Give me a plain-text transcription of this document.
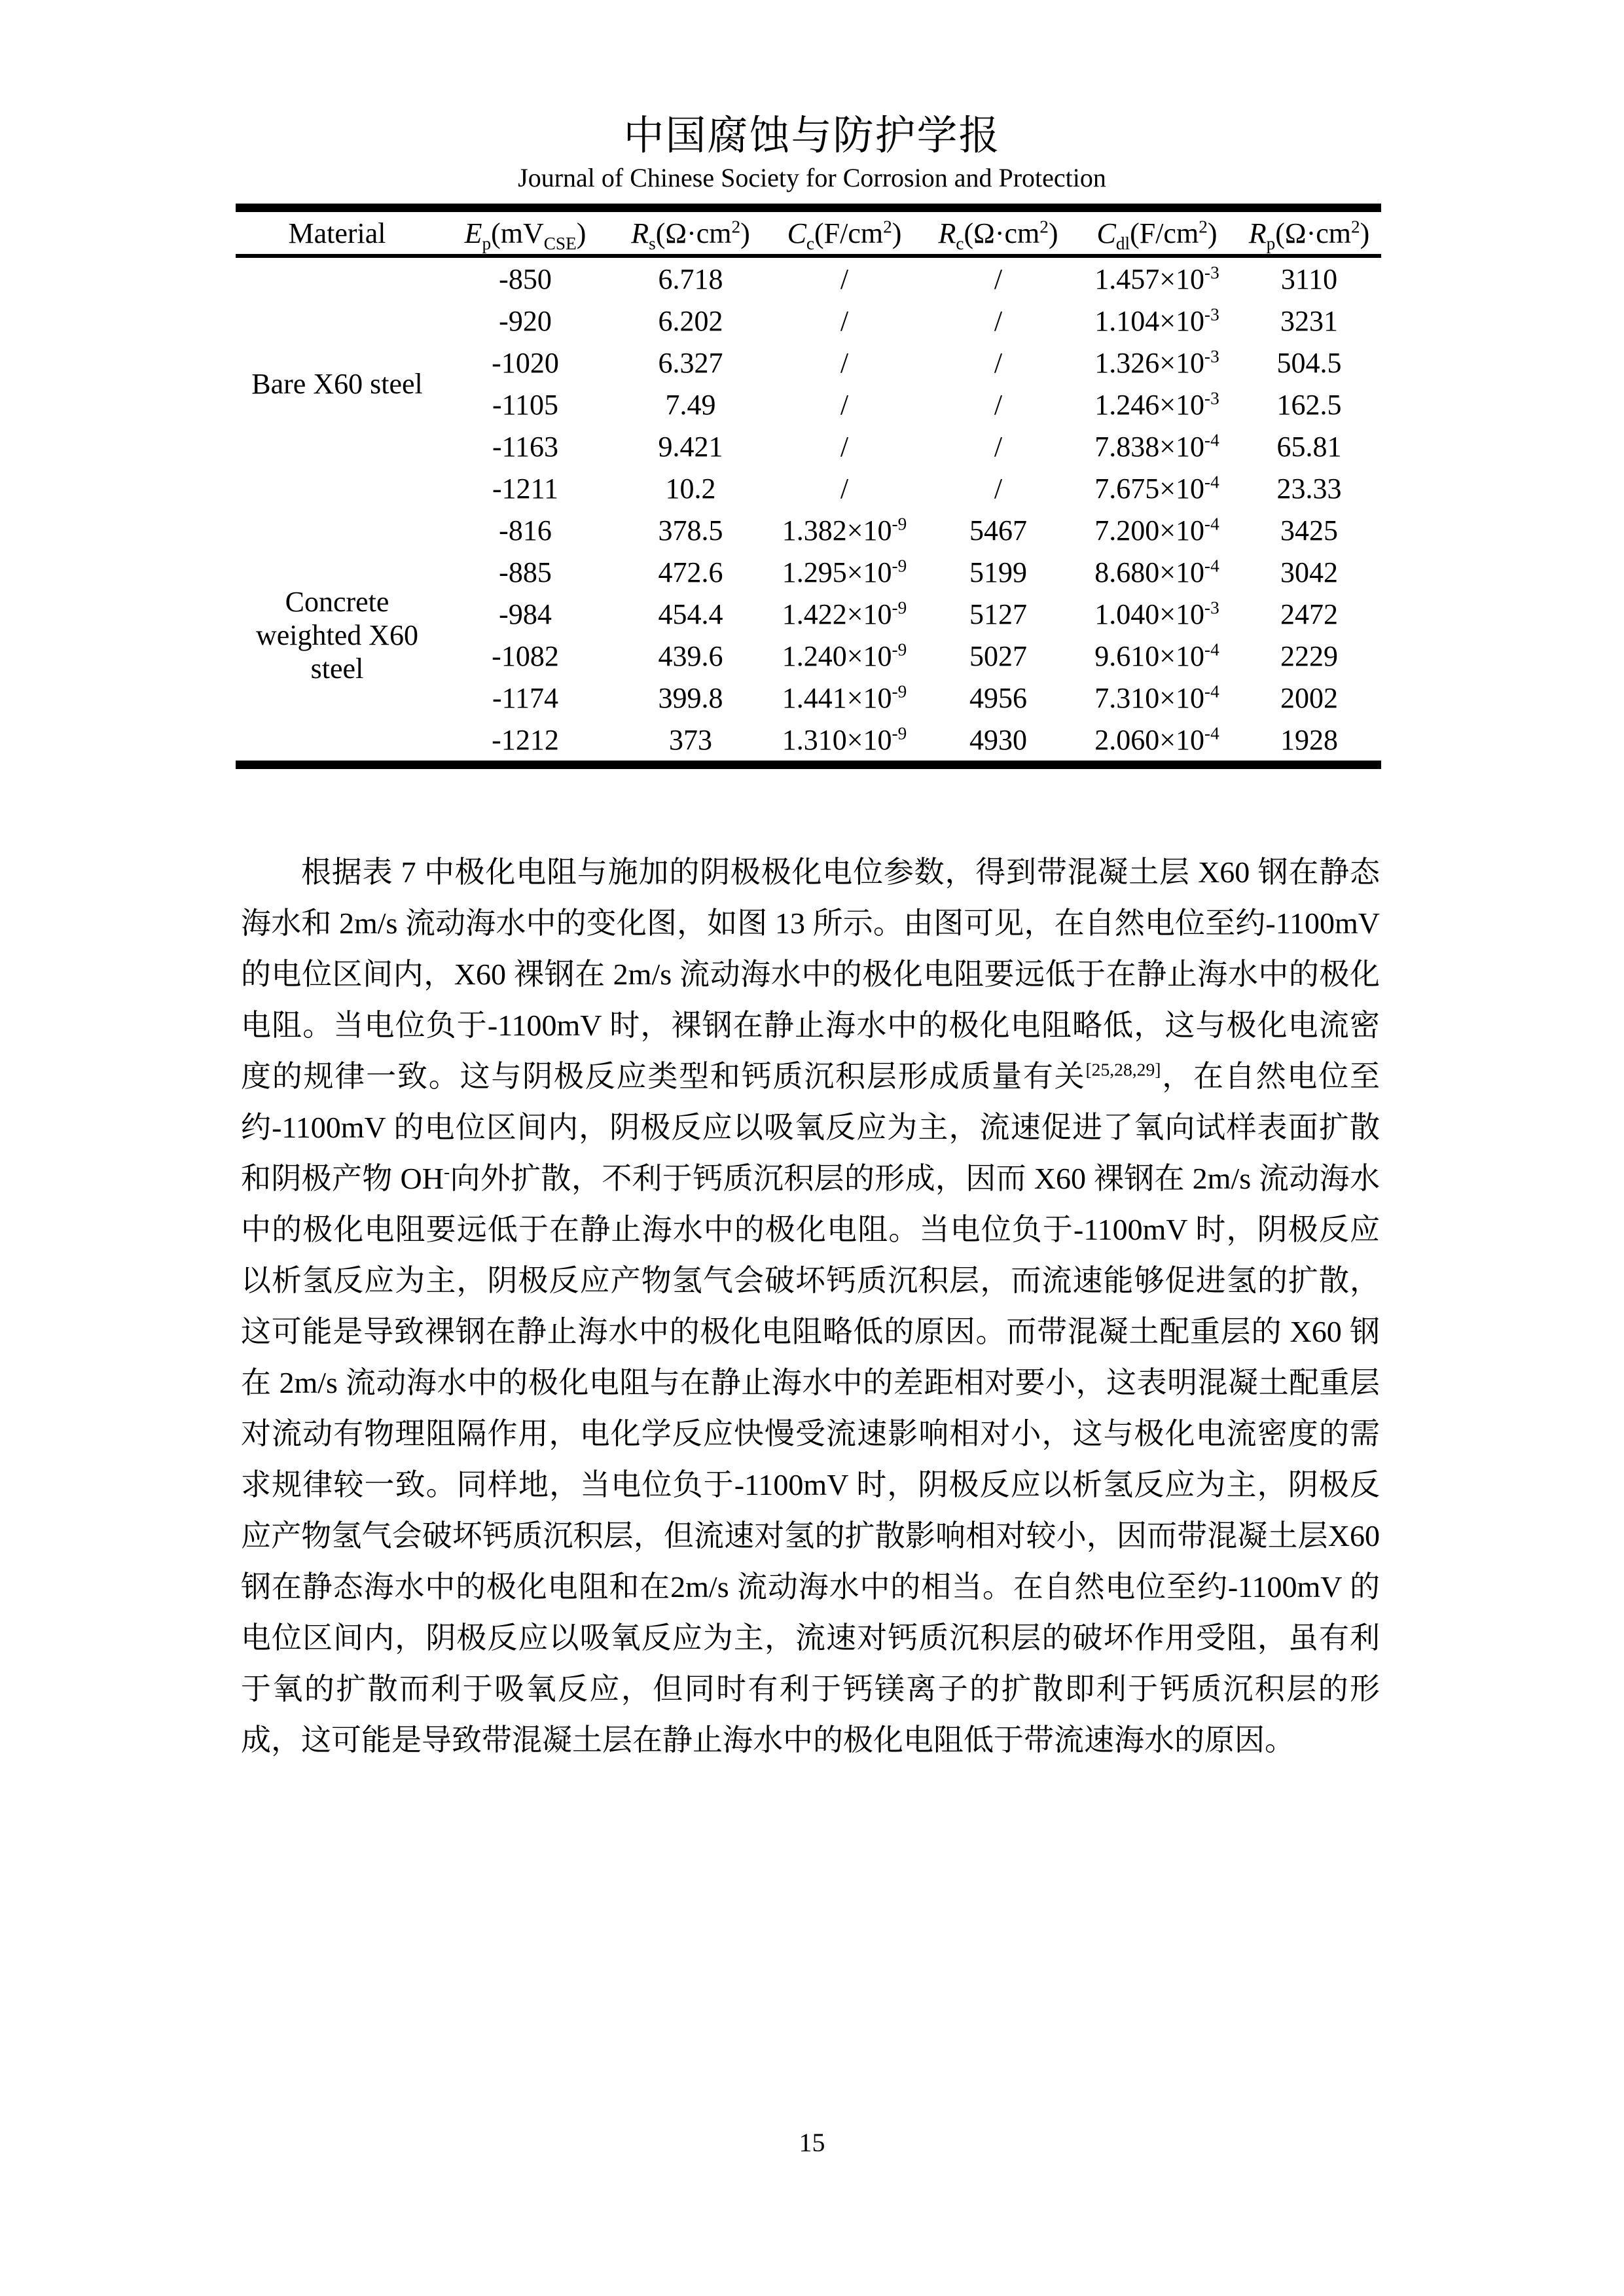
中国腐蚀与防护学报
Journal of Chinese Society for Corrosion and Protection
Material	$E_p(mV_{CSE})$	$R_s(\Omega\cdot cm^2)$	$C_c(F/cm^2)$	$R_c(\Omega\cdot cm^2)$	$C_{dl}(F/cm^2)$	$R_p(\Omega\cdot cm^2)$
Bare X60 steel	-850	6.718	/	/	$1.457\times 10^{-3}$	3110
	-920	6.202	/	/	$1.104\times 10^{-3}$	3231
	-1020	6.327	/	/	$1.326\times 10^{-3}$	504.5
	-1105	7.49	/	/	$1.246\times 10^{-3}$	162.5
	-1163	9.421	/	/	$7.838\times 10^{-4}$	65.81
	-1211	10.2	/	/	$7.675\times 10^{-4}$	23.33
Concrete weighted X60 steel	-816	378.5	$1.382\times 10^{-9}$	5467	$7.200\times 10^{-4}$	3425
	-885	472.6	$1.295\times 10^{-9}$	5199	$8.680\times 10^{-4}$	3042
	-984	454.4	$1.422\times 10^{-9}$	5127	$1.040\times 10^{-3}$	2472
	-1082	439.6	$1.240\times 10^{-9}$	5027	$9.610\times 10^{-4}$	2229
	-1174	399.8	$1.441\times 10^{-9}$	4956	$7.310\times 10^{-4}$	2002
	-1212	373	$1.310\times 10^{-9}$	4930	$2.060\times 10^{-4}$	1928

根据表 7 中极化电阻与施加的阴极极化电位参数，得到带混凝土层 X60 钢在静态海水和 2m/s 流动海水中的变化图，如图 13 所示。由图可见，在自然电位至约-1100mV 的电位区间内，X60 裸钢在 2m/s 流动海水中的极化电阻要远低于在静止海水中的极化电阻。当电位负于-1100mV 时，裸钢在静止海水中的极化电阻略低，这与极化电流密度的规律一致。这与阴极反应类型和钙质沉积层形成质量有关[25,28,29]，在自然电位至约-1100mV 的电位区间内，阴极反应以吸氧反应为主，流速促进了氧向试样表面扩散和阴极产物 OH-向外扩散，不利于钙质沉积层的形成，因而 X60 裸钢在 2m/s 流动海水中的极化电阻要远低于在静止海水中的极化电阻。当电位负于-1100mV 时，阴极反应以析氢反应为主，阴极反应产物氢气会破坏钙质沉积层，而流速能够促进氢的扩散，这可能是导致裸钢在静止海水中的极化电阻略低的原因。而带混凝土配重层的 X60 钢在 2m/s 流动海水中的极化电阻与在静止海水中的差距相对要小，这表明混凝土配重层对流动有物理阻隔作用，电化学反应快慢受流速影响相对小，这与极化电流密度的需求规律较一致。同样地，当电位负于-1100mV 时，阴极反应以析氢反应为主，阴极反应产物氢气会破坏钙质沉积层，但流速对氢的扩散影响相对较小，因而带混凝土层X60 钢在静态海水中的极化电阻和在2m/s 流动海水中的相当。在自然电位至约-1100mV 的电位区间内，阴极反应以吸氧反应为主，流速对钙质沉积层的破坏作用受阻，虽有利于氧的扩散而利于吸氧反应，但同时有利于钙镁离子的扩散即利于钙质沉积层的形成，这可能是导致带混凝土层在静止海水中的极化电阻低于带流速海水的原因。

15
